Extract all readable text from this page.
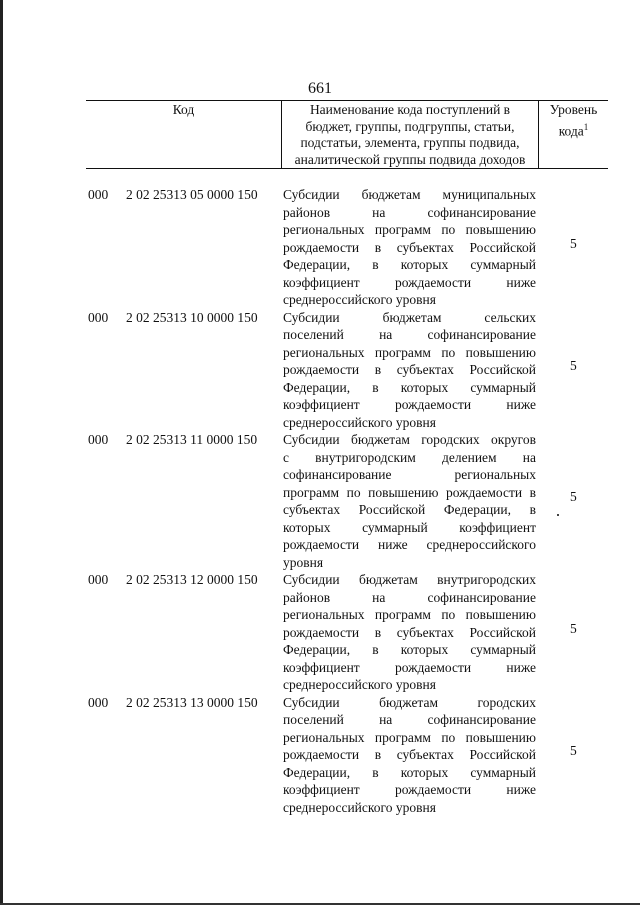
661
Код	Наименование кода поступлений в
бюджет, группы, подгруппы, статьи,
подстатьи, элемента, группы подвида,
аналитической группы подвида доходов
Уровень
кода$^1$
000 2 02 25313 05 0000 150 Субсидии бюджетам муниципальных
районов на софинансирование
региональных программ по повышению
рождаемости в субъектах Российской
Федерации, в которых суммарный
коэффициент рождаемости ниже
среднероссийского уровня
5
000 2 02 25313 10 0000 150 Субсидии бюджетам сельских
поселений на софинансирование
региональных программ по повышению
рождаемости в субъектах Российской
Федерации, в которых суммарный
коэффициент рождаемости ниже
среднероссийского уровня
5
000 2 02 25313 11 0000 150 Субсидии бюджетам городских округов
с внутригородским делением на
софинансирование региональных
программ по повышению рождаемости в
субъектах Российской Федерации, в
которых суммарный коэффициент
рождаемости ниже среднероссийского
уровня
5
000 2 02 25313 12 0000 150 Субсидии бюджетам внутригородских
районов на софинансирование
региональных программ по повышению
рождаемости в субъектах Российской
Федерации, в которых суммарный
коэффициент рождаемости ниже
среднероссийского уровня
5
000 2 02 25313 13 0000 150 Субсидии бюджетам городских
поселений на софинансирование
региональных программ по повышению
рождаемости в субъектах Российской
Федерации, в которых суммарный
коэффициент рождаемости ниже
среднероссийского уровня
5
